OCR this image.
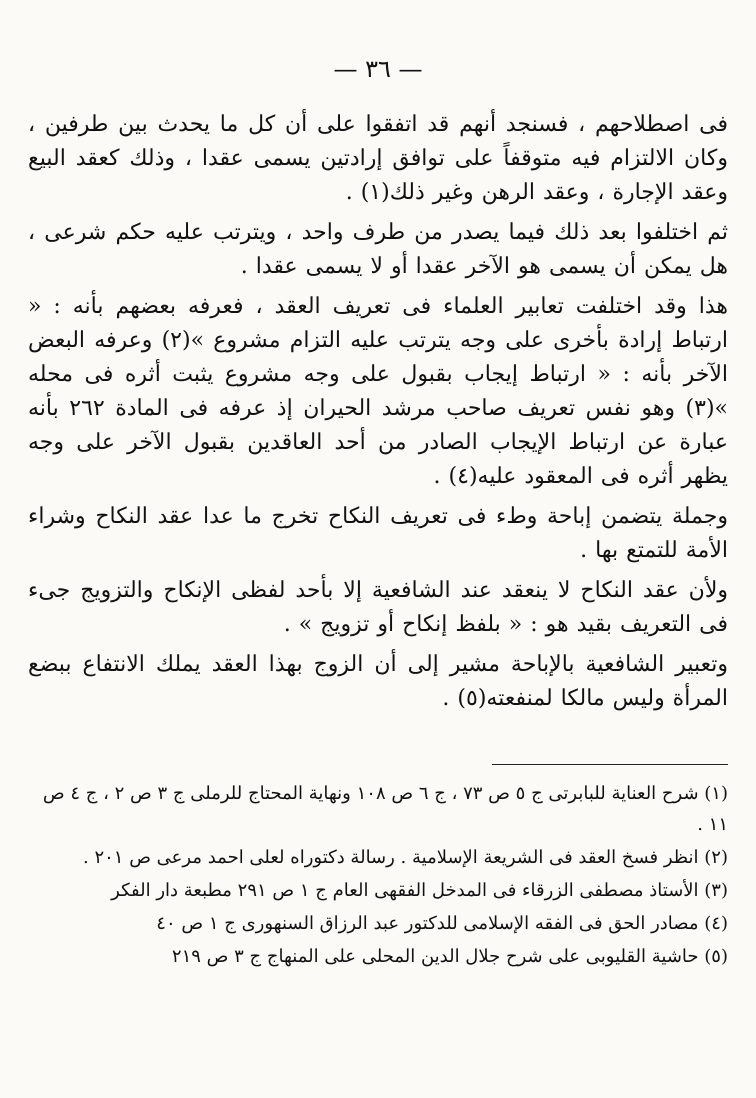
— ٣٦ —

فى اصطلاحهم ، فسنجد أنهم قد اتفقوا على أن كل ما يحدث بين طرفين ، وكان الالتزام فيه متوقفاً على توافق إرادتين يسمى عقدا ، وذلك كعقد البيع وعقد الإجارة ، وعقد الرهن وغير ذلك(١) .

ثم اختلفوا بعد ذلك فيما يصدر من طرف واحد ، ويترتب عليه حكم شرعى ، هل يمكن أن يسمى هو الآخر عقدا أو لا يسمى عقدا .

هذا وقد اختلفت تعابير العلماء فى تعريف العقد ، فعرفه بعضهم بأنه : « ارتباط إرادة بأخرى على وجه يترتب عليه التزام مشروع »(٢) وعرفه البعض الآخر بأنه : « ارتباط إيجاب بقبول على وجه مشروع يثبت أثره فى محله »(٣) وهو نفس تعريف صاحب مرشد الحيران إذ عرفه فى المادة ٢٦٢ بأنه عبارة عن ارتباط الإيجاب الصادر من أحد العاقدين بقبول الآخر على وجه يظهر أثره فى المعقود عليه(٤) .

وجملة يتضمن إباحة وطء فى تعريف النكاح تخرج ما عدا عقد النكاح وشراء الأمة للتمتع بها .

ولأن عقد النكاح لا ينعقد عند الشافعية إلا بأحد لفظى الإنكاح والتزويج جىء فى التعريف بقيد هو : « بلفظ إنكاح أو تزويج » .

وتعبير الشافعية بالإباحة مشير إلى أن الزوج بهذا العقد يملك الانتفاع ببضع المرأة وليس مالكا لمنفعته(٥) .

(١) شرح العناية للبابرتى ج ٥ ص ٧٣ ، ج ٦ ص ١٠٨ ونهاية المحتاج للرملى ج ٣ ص ٢ ، ج ٤ ص ١١ .

(٢) انظر فسخ العقد فى الشريعة الإسلامية . رسالة دكتوراه لعلى احمد مرعى ص ٢٠١ .

(٣) الأستاذ مصطفى الزرقاء فى المدخل الفقهى العام ج ١ ص ٢٩١ مطبعة دار الفكر

(٤) مصادر الحق فى الفقه الإسلامى للدكتور عبد الرزاق السنهورى ج ١ ص ٤٠

(٥) حاشية القليوبى على شرح جلال الدين المحلى على المنهاج ج ٣ ص ٢١٩
